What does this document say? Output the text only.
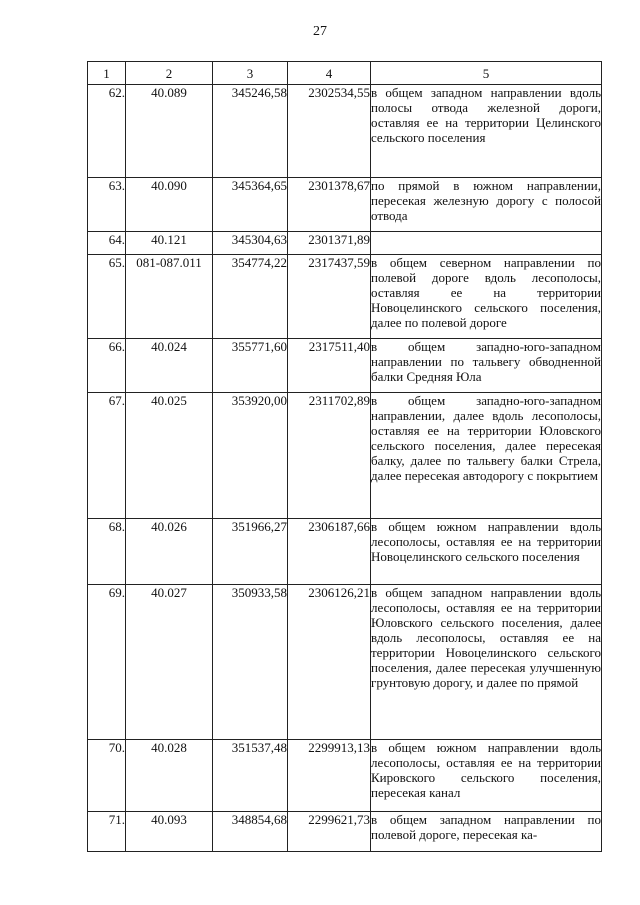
27
1	2	3	4	5
62.	40.089	345246,58	2302534,55	в общем западном направлении вдоль полосы отвода железной дороги, оставляя ее на территории Целинского сельского поселения
63.	40.090	345364,65	2301378,67	по прямой в южном направлении, пересекая железную дорогу с полосой отвода
64.	40.121	345304,63	2301371,89	
65.	081-087.011	354774,22	2317437,59	в общем северном направлении по полевой дороге вдоль лесополосы, оставляя ее на территории Новоцелинского сельского поселения, далее по полевой дороге
66.	40.024	355771,60	2317511,40	в общем западно-юго-западном направлении по тальвегу обводненной балки Средняя Юла
67.	40.025	353920,00	2311702,89	в общем западно-юго-западном направлении, далее вдоль лесополосы, оставляя ее на территории Юловского сельского поселения, далее пересекая балку, далее по тальвегу балки Стрела, далее пересекая автодорогу с покрытием
68.	40.026	351966,27	2306187,66	в общем южном направлении вдоль лесополосы, оставляя ее на территории Новоцелинского сельского поселения
69.	40.027	350933,58	2306126,21	в общем западном направлении вдоль лесополосы, оставляя ее на территории Юловского сельского поселения, далее вдоль лесополосы, оставляя ее на территории Новоцелинского сельского поселения, далее пересекая улучшенную грунтовую дорогу, и далее по прямой
70.	40.028	351537,48	2299913,13	в общем южном направлении вдоль лесополосы, оставляя ее на территории Кировского сельского поселения, пересекая канал
71.	40.093	348854,68	2299621,73	в общем западном направлении по полевой дороге, пересекая ка-
